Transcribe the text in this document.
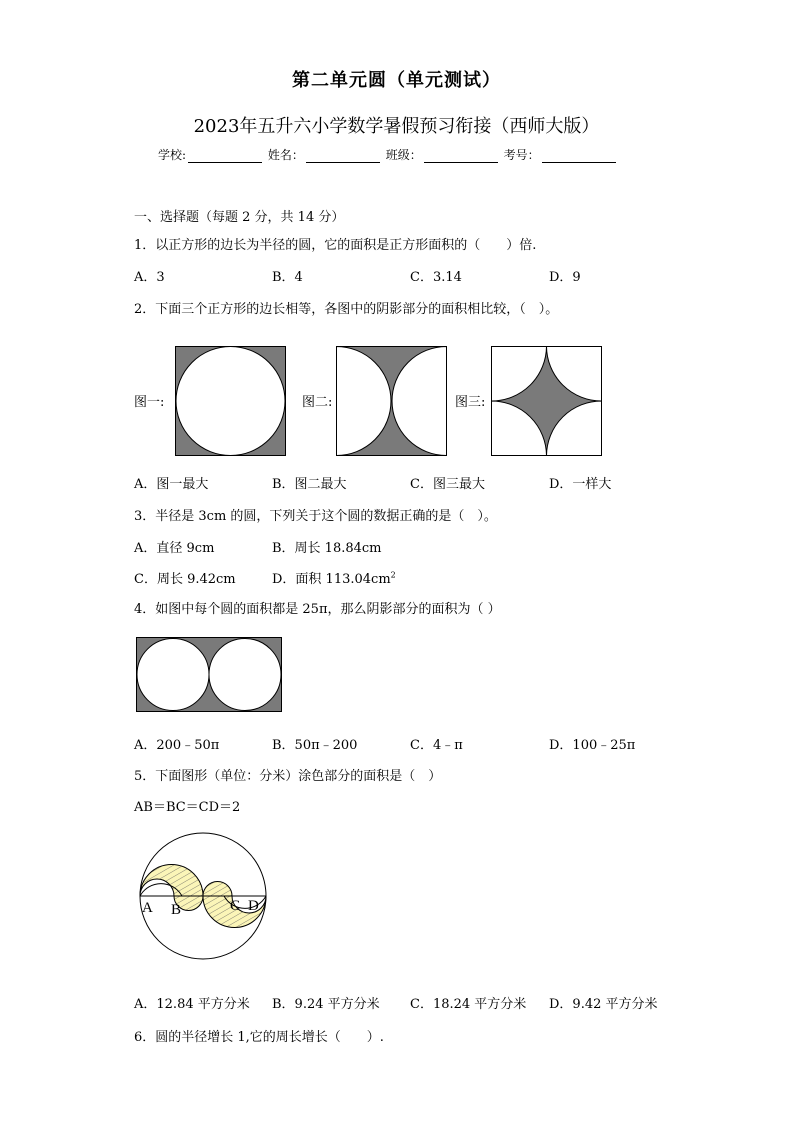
第二单元圆（单元测试）
2023年五升六小学数学暑假预习衔接（西师大版）
学校:	姓名：	班级：	考号：
一、选择题（每题 2 分，共 14 分）
1．以正方形的边长为半径的圆，它的面积是正方形面积的（　　）倍.
A．3	B．4	C．3.14	D．9
2．下面三个正方形的边长相等，各图中的阴影部分的面积相比较，（　）。
图一:	图二:	图三:
A．图一最大	B．图二最大	C．图三最大	D．一样大
3．半径是 3cm 的圆，下列关于这个圆的数据正确的是（　）。
A．直径 9cm	B．周长 18.84cm
C．周长 9.42cm	D．面积 $113.04cm^2$
4．如图中每个圆的面积都是 25π，那么阴影部分的面积为（ ）
A．200﹣50π	B．50π﹣200	C．4﹣π	D．100﹣25π
5．下面图形（单位：分米）涂色部分的面积是（　）
AB＝BC＝CD＝2
A B	C D
A．12.84 平方分米 B．9.24 平方分米 C．18.24 平方分米 D．9.42 平方分米
6．圆的半径增长 1,它的周长增长（　　）.
